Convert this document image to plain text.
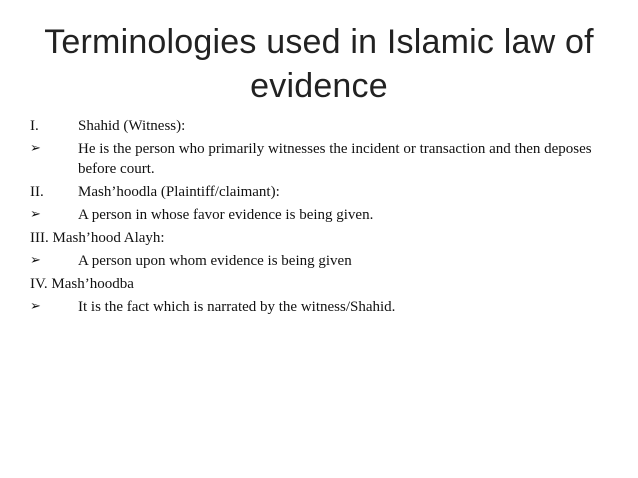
Terminologies used in Islamic law of
evidence
I.	Shahid (Witness):
➢	He is the person who primarily witnesses the incident or transaction and then deposes before court.
II.	Mash’hoodla (Plaintiff/claimant):
➢	A person in whose favor evidence is being given.
III. Mash’hood Alayh:
➢	A person upon whom evidence is being given
IV. Mash’hoodba
➢	It is the fact which is narrated by the witness/Shahid.
